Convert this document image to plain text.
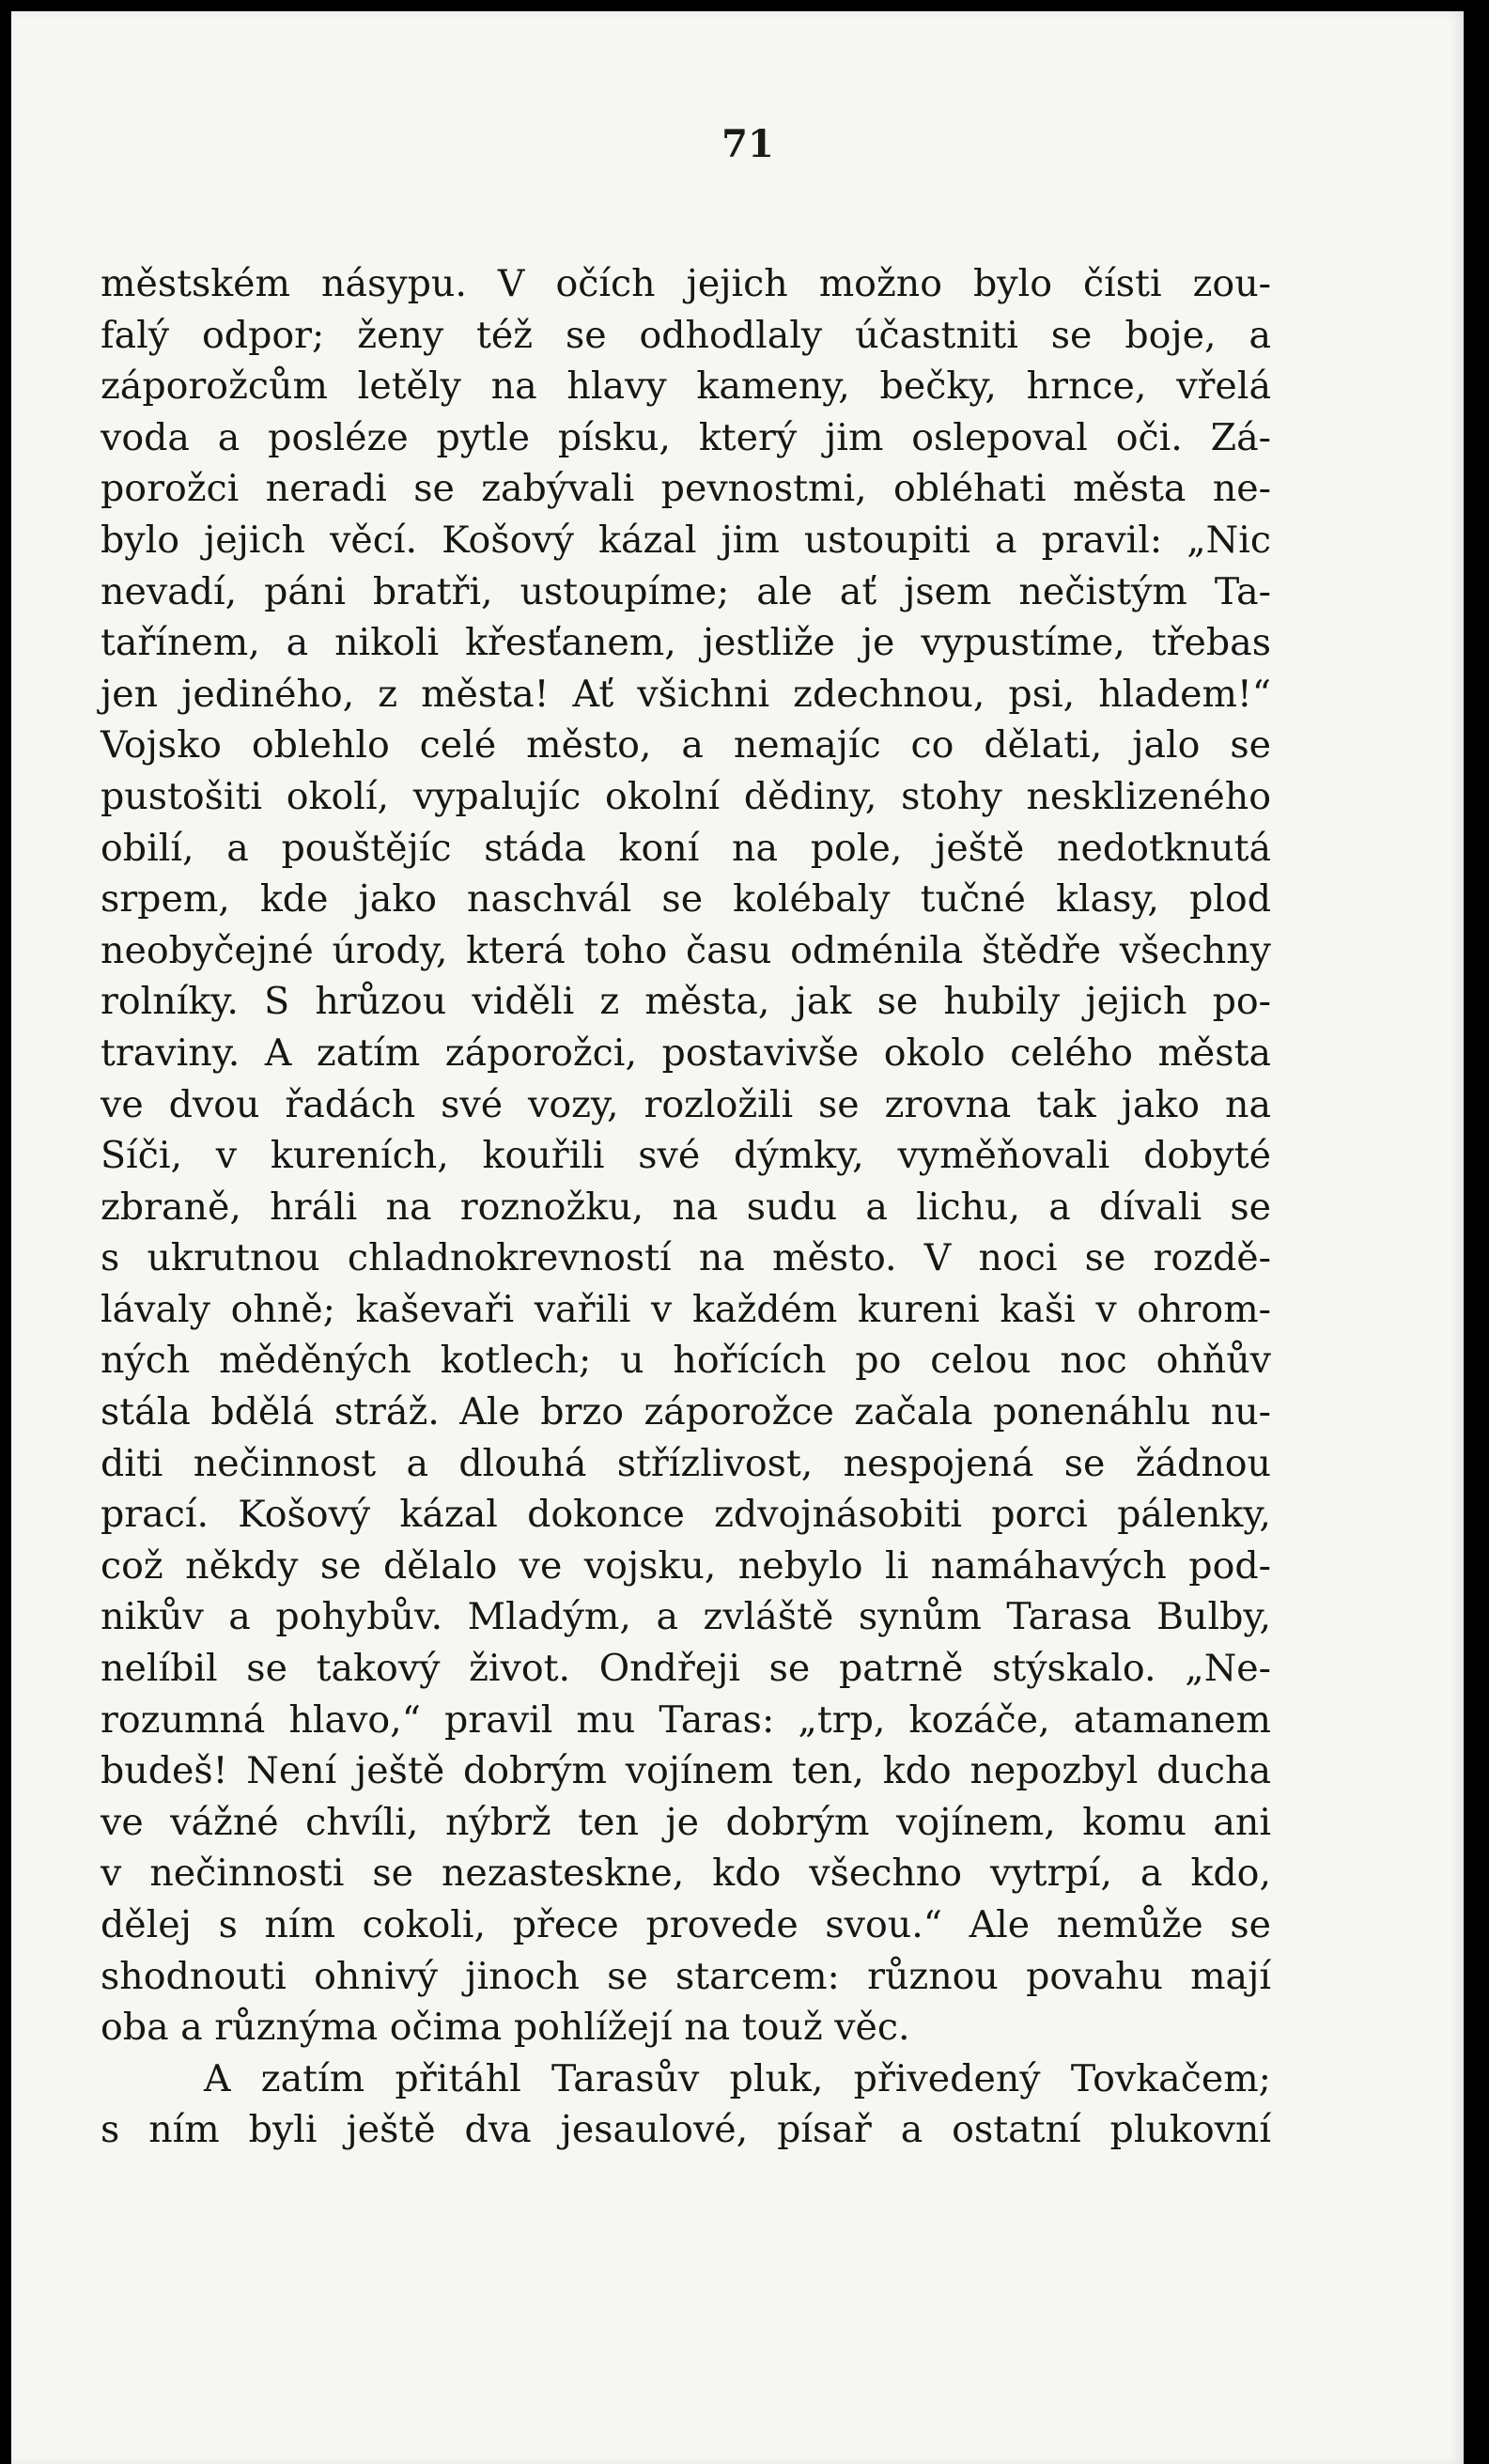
71
městském násypu. V očích jejich možno bylo čísti zou-
falý odpor; ženy též se odhodlaly účastniti se boje, a
záporožcům letěly na hlavy kameny, bečky, hrnce, vřelá
voda a posléze pytle písku, který jim oslepoval oči. Zá-
porožci neradi se zabývali pevnostmi, obléhati města ne-
bylo jejich věcí. Košový kázal jim ustoupiti a pravil: „Nic
nevadí, páni bratři, ustoupíme; ale ať jsem nečistým Ta-
tařínem, a nikoli křesťanem, jestliže je vypustíme, třebas
jen jediného, z města! Ať všichni zdechnou, psi, hladem!“
Vojsko oblehlo celé město, a nemajíc co dělati, jalo se
pustošiti okolí, vypalujíc okolní dědiny, stohy nesklizeného
obilí, a pouštějíc stáda koní na pole, ještě nedotknutá
srpem, kde jako naschvál se kolébaly tučné klasy, plod
neobyčejné úrody, která toho času odménila štědře všechny
rolníky. S hrůzou viděli z města, jak se hubily jejich po-
traviny. A zatím záporožci, postavivše okolo celého města
ve dvou řadách své vozy, rozložili se zrovna tak jako na
Síči, v kureních, kouřili své dýmky, vyměňovali dobyté
zbraně, hráli na roznožku, na sudu a lichu, a dívali se
s ukrutnou chladnokrevností na město. V noci se rozdě-
lávaly ohně; kaševaři vařili v každém kureni kaši v ohrom-
ných měděných kotlech; u hořících po celou noc ohňův
stála bdělá stráž. Ale brzo záporožce začala ponenáhlu nu-
diti nečinnost a dlouhá střízlivost, nespojená se žádnou
prací. Košový kázal dokonce zdvojnásobiti porci pálenky,
což někdy se dělalo ve vojsku, nebylo li namáhavých pod-
nikův a pohybův. Mladým, a zvláště synům Tarasa Bulby,
nelíbil se takový život. Ondřeji se patrně stýskalo. „Ne-
rozumná hlavo,“ pravil mu Taras: „trp, kozáče, atamanem
budeš! Není ještě dobrým vojínem ten, kdo nepozbyl ducha
ve vážné chvíli, nýbrž ten je dobrým vojínem, komu ani
v nečinnosti se nezasteskne, kdo všechno vytrpí, a kdo,
dělej s ním cokoli, přece provede svou.“ Ale nemůže se
shodnouti ohnivý jinoch se starcem: různou povahu mají
oba a různýma očima pohlížejí na touž věc.
A zatím přitáhl Tarasův pluk, přivedený Tovkačem;
s ním byli ještě dva jesaulové, písař a ostatní plukovní
